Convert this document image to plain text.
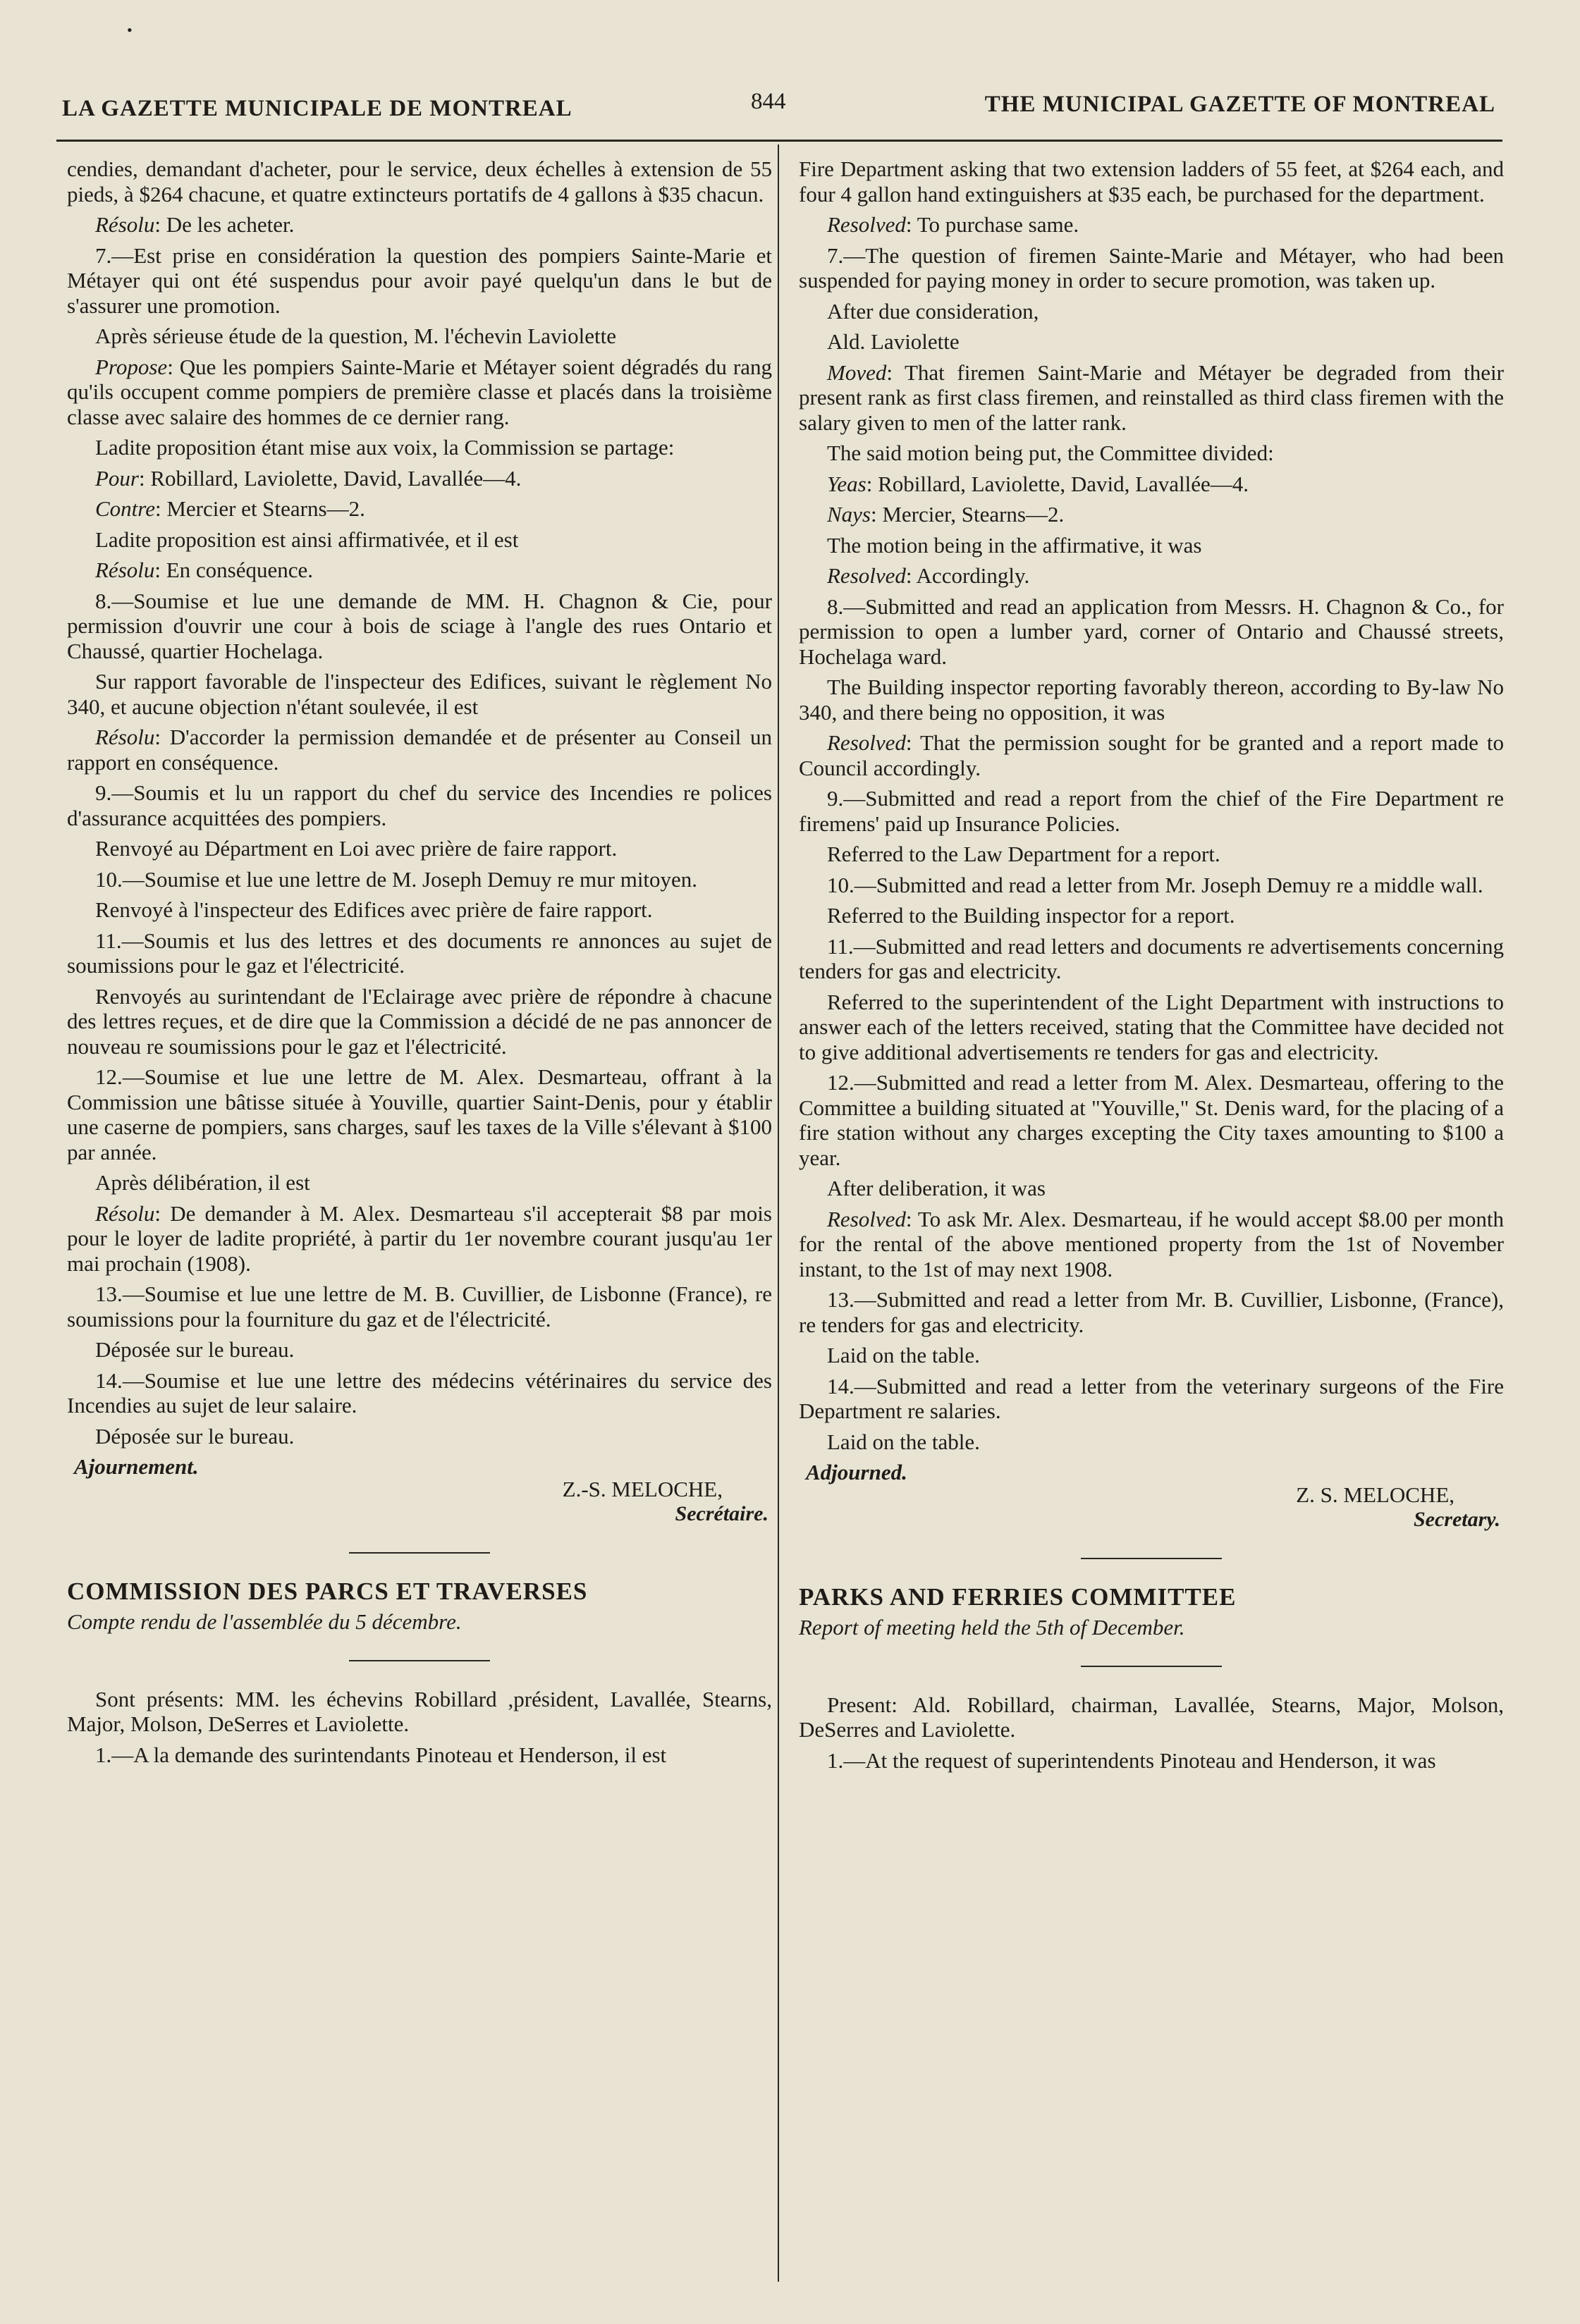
•
LA GAZETTE MUNICIPALE DE MONTREAL	844	THE MUNICIPAL GAZETTE OF MONTREAL

cendies, demandant d'acheter, pour le service, deux échelles à extension de 55 pieds, à $264 chacune, et quatre extincteurs portatifs de 4 gallons à $35 chacun.

Résolu: De les acheter.

7.—Est prise en considération la question des pompiers Sainte-Marie et Métayer qui ont été suspendus pour avoir payé quelqu'un dans le but de s'assurer une promotion.

Après sérieuse étude de la question, M. l'échevin Laviolette

Propose: Que les pompiers Sainte-Marie et Métayer soient dégradés du rang qu'ils occupent comme pompiers de première classe et placés dans la troisième classe avec salaire des hommes de ce dernier rang.

Ladite proposition étant mise aux voix, la Commission se partage:

Pour: Robillard, Laviolette, David, Lavallée—4.

Contre: Mercier et Stearns—2.

Ladite proposition est ainsi affirmativée, et il est

Résolu: En conséquence.

8.—Soumise et lue une demande de MM. H. Chagnon & Cie, pour permission d'ouvrir une cour à bois de sciage à l'angle des rues Ontario et Chaussé, quartier Hochelaga.

Sur rapport favorable de l'inspecteur des Edifices, suivant le règlement No 340, et aucune objection n'étant soulevée, il est

Résolu: D'accorder la permission demandée et de présenter au Conseil un rapport en conséquence.

9.—Soumis et lu un rapport du chef du service des Incendies re polices d'assurance acquittées des pompiers.

Renvoyé au Départment en Loi avec prière de faire rapport.

10.—Soumise et lue une lettre de M. Joseph Demuy re mur mitoyen.

Renvoyé à l'inspecteur des Edifices avec prière de faire rapport.

11.—Soumis et lus des lettres et des documents re annonces au sujet de soumissions pour le gaz et l'électricité.

Renvoyés au surintendant de l'Eclairage avec prière de répondre à chacune des lettres reçues, et de dire que la Commission a décidé de ne pas annoncer de nouveau re soumissions pour le gaz et l'électricité.

12.—Soumise et lue une lettre de M. Alex. Desmarteau, offrant à la Commission une bâtisse située à Youville, quartier Saint-Denis, pour y établir une caserne de pompiers, sans charges, sauf les taxes de la Ville s'élevant à $100 par année.

Après délibération, il est

Résolu: De demander à M. Alex. Desmarteau s'il accepterait $8 par mois pour le loyer de ladite propriété, à partir du 1er novembre courant jusqu'au 1er mai prochain (1908).

13.—Soumise et lue une lettre de M. B. Cuvillier, de Lisbonne (France), re soumissions pour la fourniture du gaz et de l'électricité.

Déposée sur le bureau.

14.—Soumise et lue une lettre des médecins vétérinaires du service des Incendies au sujet de leur salaire.

Déposée sur le bureau.

Ajournement.
Z.-S. MELOCHE,
Secrétaire.

COMMISSION DES PARCS ET TRAVERSES

Compte rendu de l'assemblée du 5 décembre.

Sont présents: MM. les échevins Robillard ,président, Lavallée, Stearns, Major, Molson, DeSerres et Laviolette.

1.—A la demande des surintendants Pinoteau et Henderson, il est

Fire Department asking that two extension ladders of 55 feet, at $264 each, and four 4 gallon hand extinguishers at $35 each, be purchased for the department.

Resolved: To purchase same.

7.—The question of firemen Sainte-Marie and Métayer, who had been suspended for paying money in order to secure promotion, was taken up.

After due consideration,

Ald. Laviolette

Moved: That firemen Saint-Marie and Métayer be degraded from their present rank as first class firemen, and reinstalled as third class firemen with the salary given to men of the latter rank.

The said motion being put, the Committee divided:

Yeas: Robillard, Laviolette, David, Lavallée—4.

Nays: Mercier, Stearns—2.

The motion being in the affirmative, it was

Resolved: Accordingly.

8.—Submitted and read an application from Messrs. H. Chagnon & Co., for permission to open a lumber yard, corner of Ontario and Chaussé streets, Hochelaga ward.

The Building inspector reporting favorably thereon, according to By-law No 340, and there being no opposition, it was

Resolved: That the permission sought for be granted and a report made to Council accordingly.

9.—Submitted and read a report from the chief of the Fire Department re firemens' paid up Insurance Policies.

Referred to the Law Department for a report.

10.—Submitted and read a letter from Mr. Joseph Demuy re a middle wall.

Referred to the Building inspector for a report.

11.—Submitted and read letters and documents re advertisements concerning tenders for gas and electricity.

Referred to the superintendent of the Light Department with instructions to answer each of the letters received, stating that the Committee have decided not to give additional advertisements re tenders for gas and electricity.

12.—Submitted and read a letter from M. Alex. Desmarteau, offering to the Committee a building situated at "Youville," St. Denis ward, for the placing of a fire station without any charges excepting the City taxes amounting to $100 a year.

After deliberation, it was

Resolved: To ask Mr. Alex. Desmarteau, if he would accept $8.00 per month for the rental of the above mentioned property from the 1st of November instant, to the 1st of may next 1908.

13.—Submitted and read a letter from Mr. B. Cuvillier, Lisbonne, (France), re tenders for gas and electricity.

Laid on the table.

14.—Submitted and read a letter from the veterinary surgeons of the Fire Department re salaries.

Laid on the table.

Adjourned.
Z. S. MELOCHE,
Secretary.

PARKS AND FERRIES COMMITTEE

Report of meeting held the 5th of December.

Present: Ald. Robillard, chairman, Lavallée, Stearns, Major, Molson, DeSerres and Laviolette.

1.—At the request of superintendents Pinoteau and Henderson, it was
